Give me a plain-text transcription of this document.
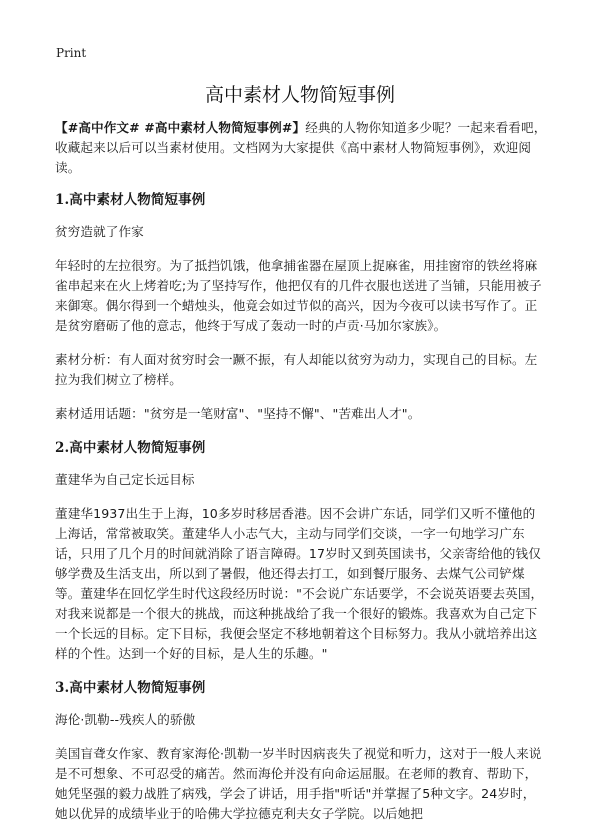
Print
高中素材人物简短事例

【#高中作文# #高中素材人物简短事例#】经典的人物你知道多少呢？一起来看看吧，收藏起来以后可以当素材使用。文档网为大家提供《高中素材人物简短事例》，欢迎阅读。

1.高中素材人物简短事例
贫穷造就了作家

年轻时的左拉很穷。为了抵挡饥饿，他拿捕雀器在屋顶上捉麻雀，用挂窗帘的铁丝将麻雀串起来在火上烤着吃;为了坚持写作，他把仅有的几件衣服也送进了当铺，只能用被子来御寒。偶尔得到一个蜡烛头，他竟会如过节似的高兴，因为今夜可以读书写作了。正是贫穷磨砺了他的意志，他终于写成了轰动一时的卢贡·马加尔家族》。

素材分析：有人面对贫穷时会一蹶不振，有人却能以贫穷为动力，实现自己的目标。左拉为我们树立了榜样。

素材适用话题："贫穷是一笔财富"、"坚持不懈"、"苦难出人才"。

2.高中素材人物简短事例
董建华为自己定长远目标

董建华1937出生于上海，10多岁时移居香港。因不会讲广东话，同学们又听不懂他的上海话，常常被取笑。董建华人小志气大，主动与同学们交谈，一字一句地学习广东话，只用了几个月的时间就消除了语言障碍。17岁时又到英国读书，父亲寄给他的钱仅够学费及生活支出，所以到了暑假，他还得去打工，如到餐厅服务、去煤气公司铲煤等。董建华在回忆学生时代这段经历时说："不会说广东话要学，不会说英语要去英国，对我来说都是一个很大的挑战，而这种挑战给了我一个很好的锻炼。我喜欢为自己定下一个长远的目标。定下目标，我便会坚定不移地朝着这个目标努力。我从小就培养出这样的个性。达到一个好的目标，是人生的乐趣。"

3.高中素材人物简短事例
海伦·凯勒--残疾人的骄傲

美国盲聋女作家、教育家海伦·凯勒一岁半时因病丧失了视觉和听力，这对于一般人来说是不可想象、不可忍受的痛苦。然而海伦并没有向命运屈服。在老师的教育、帮助下，她凭坚强的毅力战胜了病残，学会了讲话，用手指"听话"并掌握了5种文字。24岁时，她以优异的成绩毕业于的哈佛大学拉德克利夫女子学院。以后她把
